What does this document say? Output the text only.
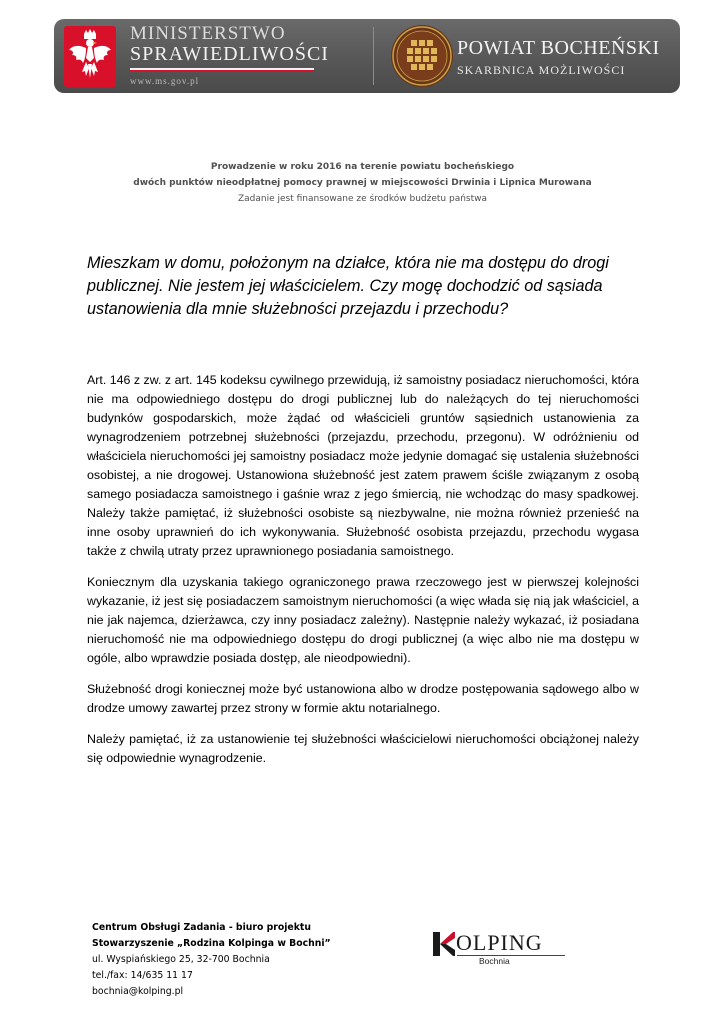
MINISTERSTWO
SPRAWIEDLIWOŚCI
www.ms.gov.pl
POWIAT BOCHEŃSKI
SKARBNICA MOŻLIWOŚCI
Prowadzenie w roku 2016 na terenie powiatu bocheńskiego
dwóch punktów nieodpłatnej pomocy prawnej w miejscowości Drwinia i Lipnica Murowana
Zadanie jest finansowane ze środków budżetu państwa
Mieszkam w domu, położonym na działce, która nie ma dostępu do drogi publicznej. Nie jestem jej właścicielem. Czy mogę dochodzić od sąsiada ustanowienia dla mnie służebności przejazdu i przechodu?

Art. 146 z zw. z art. 145 kodeksu cywilnego przewidują, iż samoistny posiadacz nieruchomości, która nie ma odpowiedniego dostępu do drogi publicznej lub do należących do tej nieruchomości budynków gospodarskich, może żądać od właścicieli gruntów sąsiednich ustanowienia za wynagrodzeniem potrzebnej służebności (przejazdu, przechodu, przegonu). W odróżnieniu od właściciela nieruchomości jej samoistny posiadacz może jedynie domagać się ustalenia służebności osobistej, a nie drogowej. Ustanowiona służebność jest zatem prawem ściśle związanym z osobą samego posiadacza samoistnego i gaśnie wraz z jego śmiercią, nie wchodząc do masy spadkowej. Należy także pamiętać, iż służebności osobiste są niezbywalne, nie można również przenieść na inne osoby uprawnień do ich wykonywania. Służebność osobista przejazdu, przechodu wygasa także z chwilą utraty przez uprawnionego posiadania samoistnego.

Koniecznym dla uzyskania takiego ograniczonego prawa rzeczowego jest w pierwszej kolejności wykazanie, iż jest się posiadaczem samoistnym nieruchomości (a więc włada się nią jak właściciel, a nie jak najemca, dzierżawca, czy inny posiadacz zależny). Następnie należy wykazać, iż posiadana nieruchomość nie ma odpowiedniego dostępu do drogi publicznej (a więc albo nie ma dostępu w ogóle, albo wprawdzie posiada dostęp, ale nieodpowiedni).

Służebność drogi koniecznej może być ustanowiona albo w drodze postępowania sądowego albo w drodze umowy zawartej przez strony w formie aktu notarialnego.

Należy pamiętać, iż za ustanowienie tej służebności właścicielowi nieruchomości obciążonej należy się odpowiednie wynagrodzenie.

Centrum Obsługi Zadania - biuro projektu
Stowarzyszenie „Rodzina Kolpinga w Bochni”
ul. Wyspiańskiego 25, 32-700 Bochnia
tel./fax: 14/635 11 17
bochnia@kolping.pl
OLPING
Bochnia
